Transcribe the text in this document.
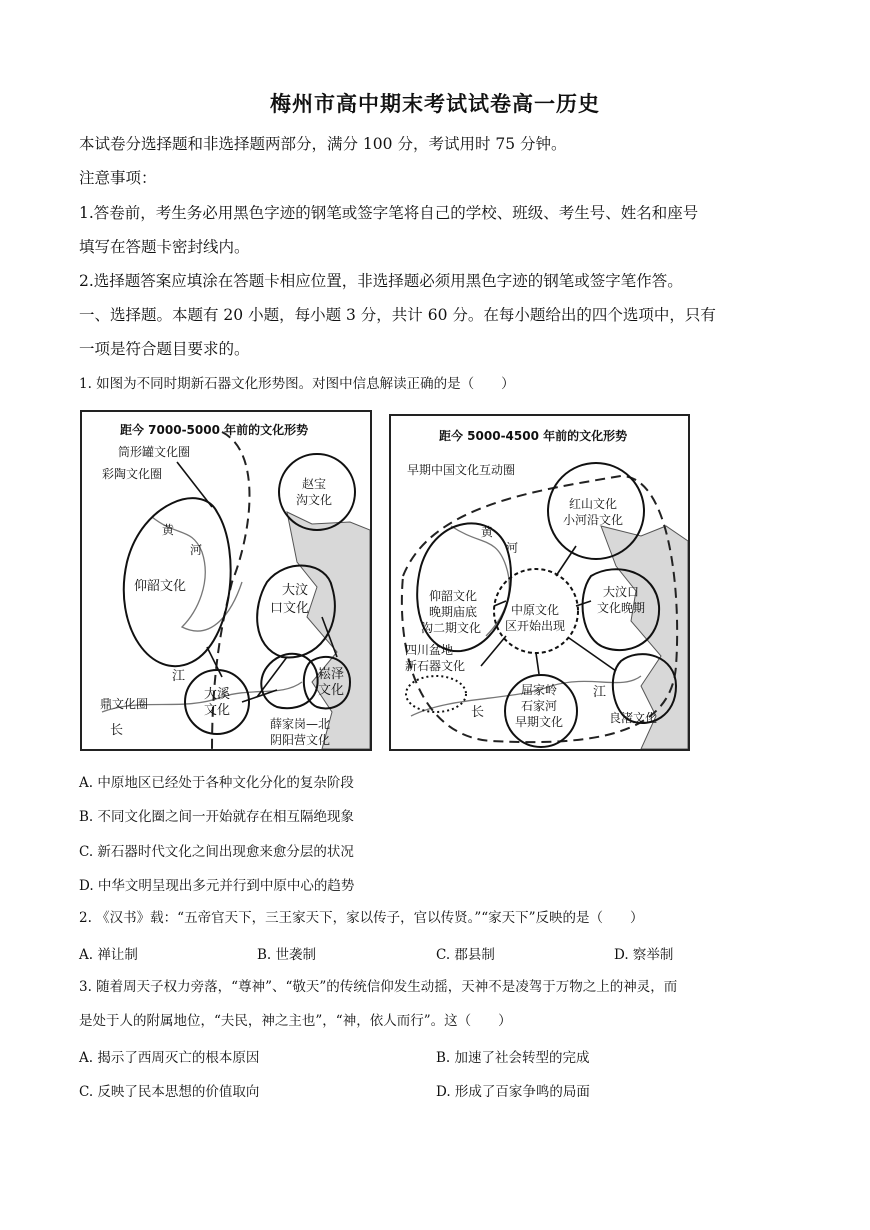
梅州市高中期末考试试卷高一历史
本试卷分选择题和非选择题两部分，满分 100 分，考试用时 75 分钟。
注意事项：
1.答卷前，考生务必用黑色字迹的钢笔或签字笔将自己的学校、班级、考生号、姓名和座号
填写在答题卡密封线内。
2.选择题答案应填涂在答题卡相应位置，非选择题必须用黑色字迹的钢笔或签字笔作答。
一、选择题。本题有 20 小题，每小题 3 分，共计 60 分。在每小题给出的四个选项中，只有
一项是符合题目要求的。
1. 如图为不同时期新石器文化形势图。对图中信息解读正确的是（　　）
距今 7000-5000 年前的文化形势
筒形罐文化圈
彩陶文化圈
赵宝
沟文化
黄
河
仰韶文化	大汶
口文化
江
大溪
文化
崧泽
文化
鼎文化圈
长	薛家岗—北
阴阳营文化
距今 5000-4500 年前的文化形势
早期中国文化互动圈
红山文化
小河沿文化
黄
河
仰韶文化
晚期庙底
沟二期文化
中原文化
区开始出现
大汶口
文化晚期
四川盆地
新石器文化
屈家岭
石家河
早期文化
江
长	良渚文化
A. 中原地区已经处于各种文化分化的复杂阶段
B. 不同文化圈之间一开始就存在相互隔绝现象
C. 新石器时代文化之间出现愈来愈分层的状况
D. 中华文明呈现出多元并行到中原中心的趋势
2. 《汉书》载：“五帝官天下，三王家天下，家以传子，官以传贤。”“家天下”反映的是（　　）
A. 禅让制	B. 世袭制	C. 郡县制	D. 察举制
3. 随着周天子权力旁落，“尊神”、“敬天”的传统信仰发生动摇，天神不是凌驾于万物之上的神灵，而
是处于人的附属地位，“夫民，神之主也”，“神，依人而行”。这（　　）
A. 揭示了西周灭亡的根本原因	B. 加速了社会转型的完成
C. 反映了民本思想的价值取向	D. 形成了百家争鸣的局面
